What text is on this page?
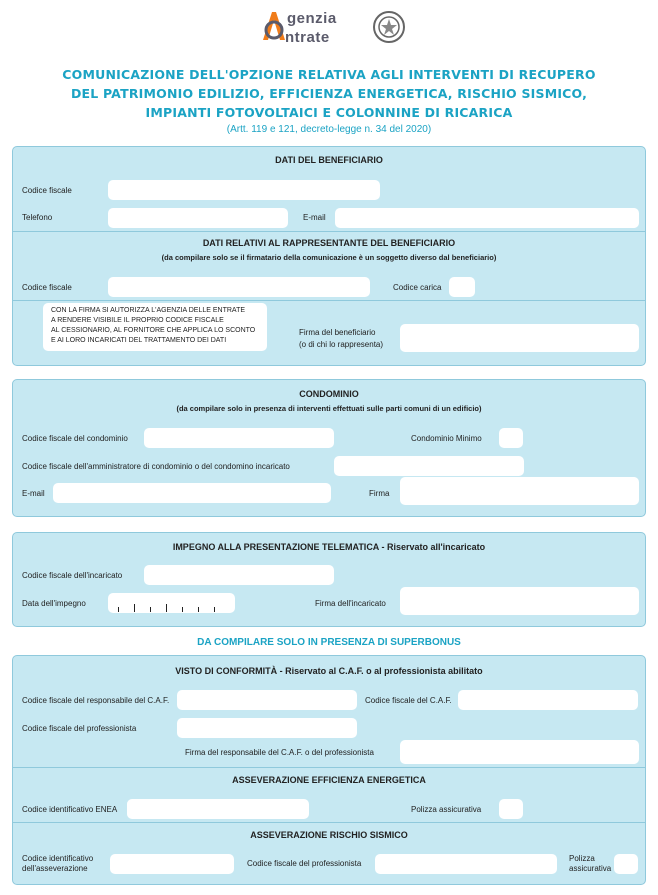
genzia
ntrate
COMUNICAZIONE DELL'OPZIONE RELATIVA AGLI INTERVENTI DI RECUPERO
DEL PATRIMONIO EDILIZIO, EFFICIENZA ENERGETICA, RISCHIO SISMICO,
IMPIANTI FOTOVOLTAICI E COLONNINE DI RICARICA
(Artt. 119 e 121, decreto-legge n. 34 del 2020)
DATI DEL BENEFICIARIO
Codice fiscale
Telefono	E-mail
DATI RELATIVI AL RAPPRESENTANTE DEL BENEFICIARIO
(da compilare solo se il firmatario della comunicazione è un soggetto diverso dal beneficiario)
Codice fiscale	Codice carica
CON LA FIRMA SI AUTORIZZA L'AGENZIA DELLE ENTRATE
A RENDERE VISIBILE IL PROPRIO CODICE FISCALE
AL CESSIONARIO, AL FORNITORE CHE APPLICA LO SCONTO
E AI LORO INCARICATI DEL TRATTAMENTO DEI DATI
Firma del beneficiario
(o di chi lo rappresenta)
CONDOMINIO
(da compilare solo in presenza di interventi effettuati sulle parti comuni di un edificio)
Codice fiscale del condominio	Condominio Minimo
Codice fiscale dell'amministratore di condominio o del condomino incaricato
E-mail	Firma
IMPEGNO ALLA PRESENTAZIONE TELEMATICA - Riservato all'incaricato
Codice fiscale dell'incaricato
Data dell'impegno	Firma dell'incaricato
DA COMPILARE SOLO IN PRESENZA DI SUPERBONUS
VISTO DI CONFORMITÀ - Riservato al C.A.F. o al professionista abilitato
Codice fiscale del responsabile del C.A.F.	Codice fiscale del C.A.F.
Codice fiscale del professionista
Firma del responsabile del C.A.F. o del professionista
ASSEVERAZIONE EFFICIENZA ENERGETICA
Codice identificativo ENEA	Polizza assicurativa
ASSEVERAZIONE RISCHIO SISMICO
Codice identificativo
dell'asseverazione
Codice fiscale del professionista
Polizza
assicurativa
